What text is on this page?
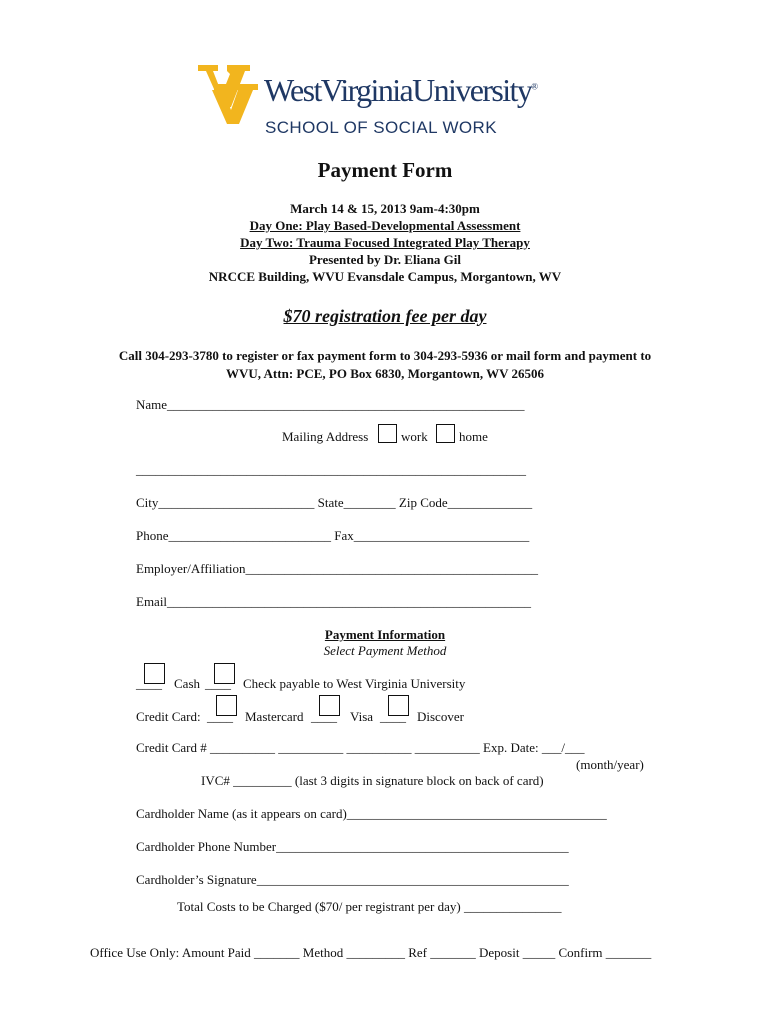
WestVirginiaUniversity®
SCHOOL OF SOCIAL WORK
Payment Form
March 14 & 15, 2013 9am-4:30pm
Day One: Play Based-Developmental Assessment
Day Two: Trauma Focused Integrated Play Therapy
Presented by Dr. Eliana Gil
NRCCE Building, WVU Evansdale Campus, Morgantown, WV
$70 registration fee per day
Call 304-293-3780 to register or fax payment form to 304-293-5936 or mail form and payment to
WVU, Attn: PCE, PO Box 6830, Morgantown, WV 26506
Name_______________________________________________________
Mailing Address	work home
____________________________________________________________
City________________________ State________ Zip Code_____________
Phone_________________________ Fax___________________________
Employer/Affiliation_____________________________________________
Email________________________________________________________
Payment Information
Select Payment Method
____ Cash ____ Check payable to West Virginia University
Credit Card: ____ Mastercard ____ Visa ____ Discover
Credit Card # __________ __________ __________ __________ Exp. Date: ___/___
(month/year)
IVC# _________ (last 3 digits in signature block on back of card)
Cardholder Name (as it appears on card)________________________________________
Cardholder Phone Number_____________________________________________
Cardholder’s Signature________________________________________________
Total Costs to be Charged ($70/ per registrant per day) _______________
Office Use Only: Amount Paid _______ Method _________ Ref _______ Deposit _____ Confirm _______
